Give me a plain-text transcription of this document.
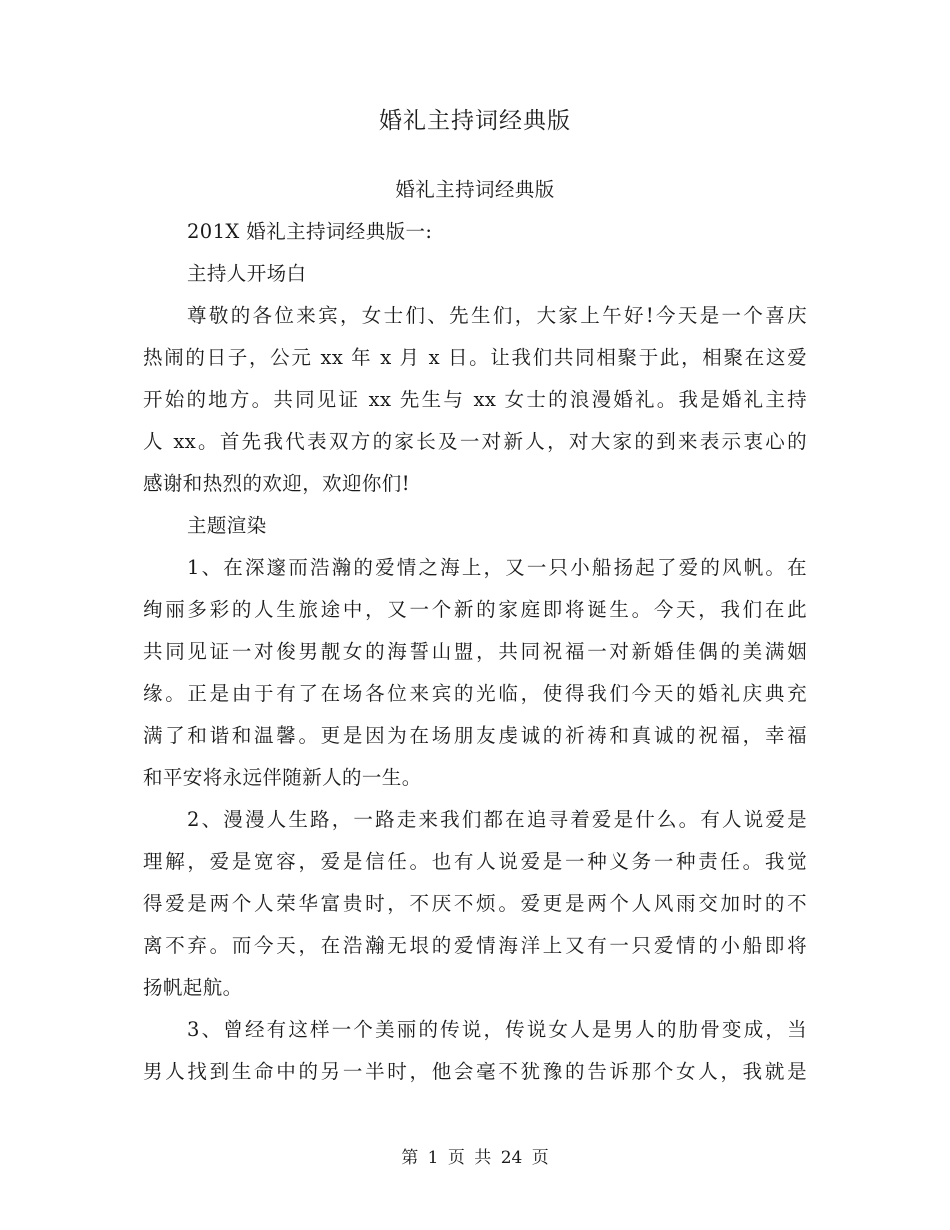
婚礼主持词经典版

婚礼主持词经典版

201X 婚礼主持词经典版一:

主持人开场白

尊敬的各位来宾，女士们、先生们，大家上午好!今天是一个喜庆

热闹的日子，公元 xx 年 x 月 x 日。让我们共同相聚于此，相聚在这爱

开始的地方。共同见证 xx 先生与 xx 女士的浪漫婚礼。我是婚礼主持

人 xx。首先我代表双方的家长及一对新人，对大家的到来表示衷心的

感谢和热烈的欢迎，欢迎你们!

主题渲染

1、在深邃而浩瀚的爱情之海上，又一只小船扬起了爱的风帆。在

绚丽多彩的人生旅途中，又一个新的家庭即将诞生。今天，我们在此

共同见证一对俊男靓女的海誓山盟，共同祝福一对新婚佳偶的美满姻

缘。正是由于有了在场各位来宾的光临，使得我们今天的婚礼庆典充

满了和谐和温馨。更是因为在场朋友虔诚的祈祷和真诚的祝福，幸福

和平安将永远伴随新人的一生。

2、漫漫人生路，一路走来我们都在追寻着爱是什么。有人说爱是

理解，爱是宽容，爱是信任。也有人说爱是一种义务一种责任。我觉

得爱是两个人荣华富贵时，不厌不烦。爱更是两个人风雨交加时的不

离不弃。而今天，在浩瀚无垠的爱情海洋上又有一只爱情的小船即将

扬帆起航。

3、曾经有这样一个美丽的传说，传说女人是男人的肋骨变成，当

男人找到生命中的另一半时，他会毫不犹豫的告诉那个女人，我就是

第 1 页 共 24 页
